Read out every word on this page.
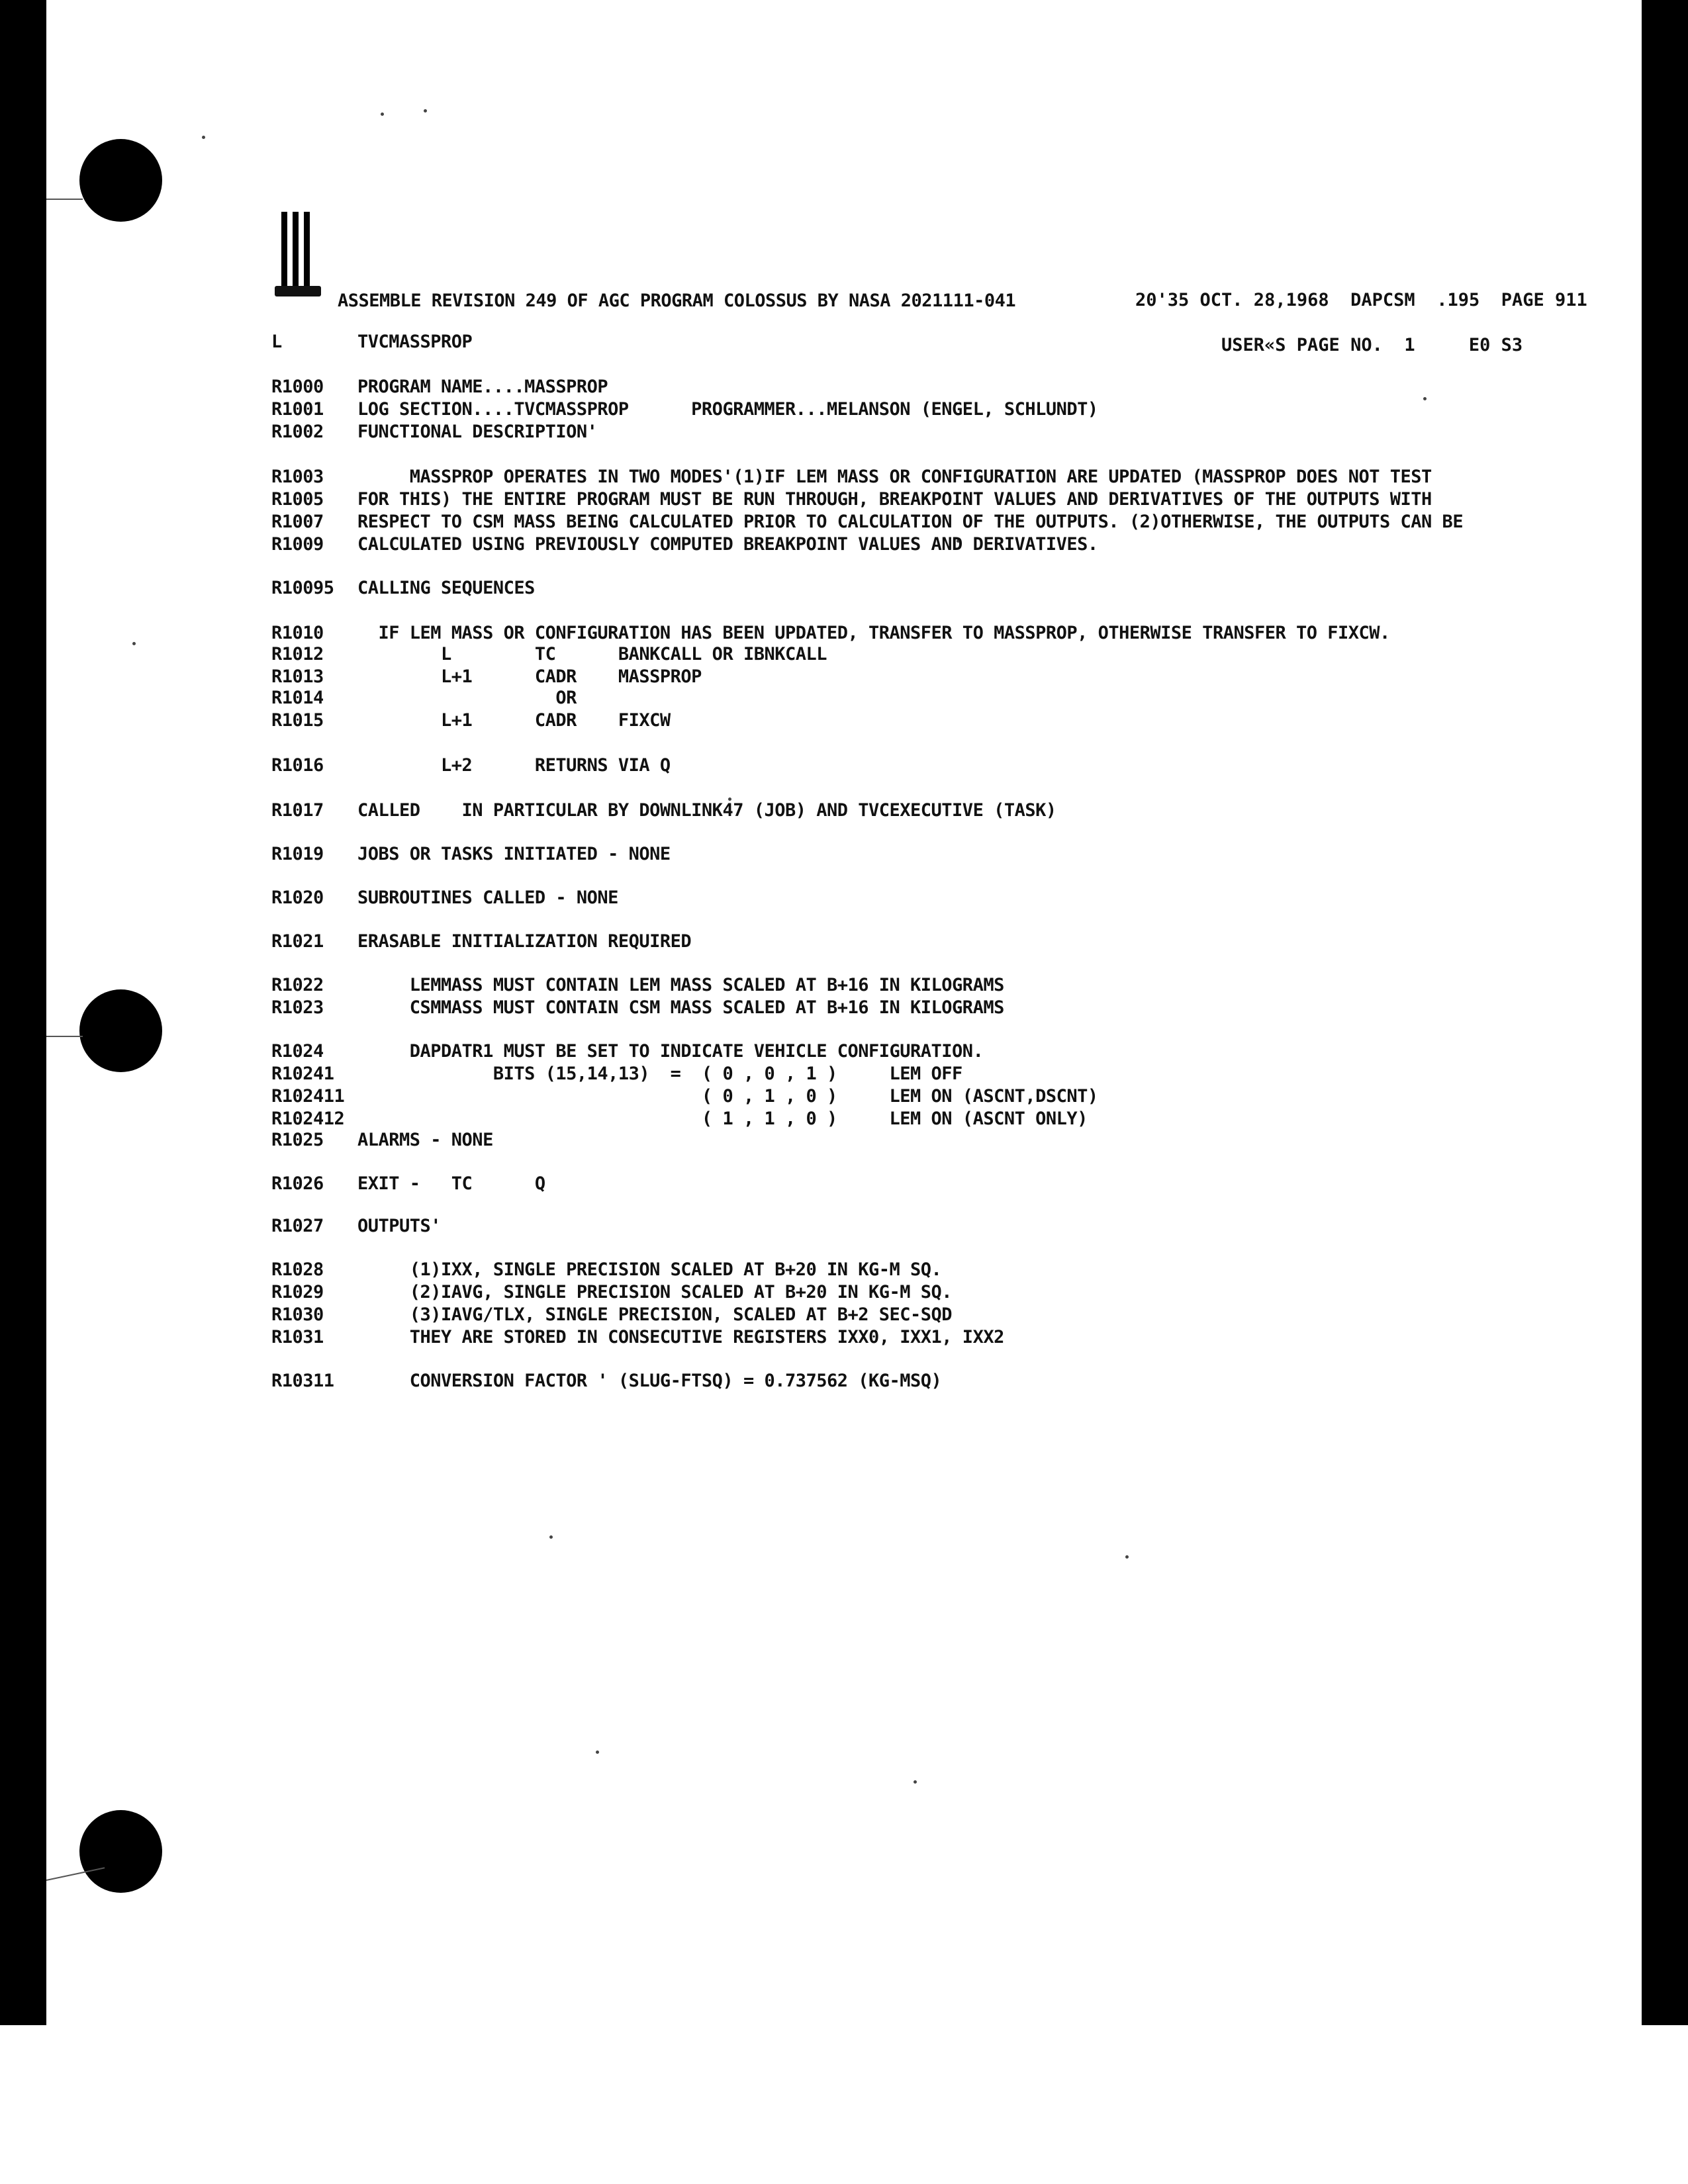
ASSEMBLE REVISION 249 OF AGC PROGRAM COLOSSUS BY NASA 2021111-041	20'35 OCT. 28,1968 DAPCSM .195 PAGE 911
L	TVCMASSPROP	USER«S PAGE NO. 1	E0 S3
R1000 PROGRAM NAME....MASSPROP
R1001 LOG SECTION....TVCMASSPROP      PROGRAMMER...MELANSON (ENGEL, SCHLUNDT)
R1002 FUNCTIONAL DESCRIPTION'
R1003     MASSPROP OPERATES IN TWO MODES'(1)IF LEM MASS OR CONFIGURATION ARE UPDATED (MASSPROP DOES NOT TEST
R1005 FOR THIS) THE ENTIRE PROGRAM MUST BE RUN THROUGH, BREAKPOINT VALUES AND DERIVATIVES OF THE OUTPUTS WITH
R1007 RESPECT TO CSM MASS BEING CALCULATED PRIOR TO CALCULATION OF THE OUTPUTS. (2)OTHERWISE, THE OUTPUTS CAN BE
R1009 CALCULATED USING PREVIOUSLY COMPUTED BREAKPOINT VALUES AND DERIVATIVES.
R10095 CALLING SEQUENCES
R1010  IF LEM MASS OR CONFIGURATION HAS BEEN UPDATED, TRANSFER TO MASSPROP, OTHERWISE TRANSFER TO FIXCW.
R1012        L        TC      BANKCALL OR IBNKCALL
R1013        L+1      CADR    MASSPROP
R1014                   OR
R1015        L+1      CADR    FIXCW
R1016        L+2      RETURNS VIA Q
R1017 CALLED    IN PARTICULAR BY DOWNLINK47 (JOB) AND TVCEXECUTIVE (TASK)
R1019 JOBS OR TASKS INITIATED - NONE
R1020 SUBROUTINES CALLED - NONE
R1021 ERASABLE INITIALIZATION REQUIRED
R1022     LEMMASS MUST CONTAIN LEM MASS SCALED AT B+16 IN KILOGRAMS
R1023     CSMMASS MUST CONTAIN CSM MASS SCALED AT B+16 IN KILOGRAMS
R1024     DAPDATR1 MUST BE SET TO INDICATE VEHICLE CONFIGURATION.
R10241             BITS (15,14,13)  =  ( 0 , 0 , 1 )     LEM OFF
R102411                                 ( 0 , 1 , 0 )     LEM ON (ASCNT,DSCNT)
R102412                                 ( 1 , 1 , 0 )     LEM ON (ASCNT ONLY)
R1025 ALARMS - NONE
R1026 EXIT -   TC      Q
R1027 OUTPUTS'
R1028     (1)IXX, SINGLE PRECISION SCALED AT B+20 IN KG-M SQ.
R1029     (2)IAVG, SINGLE PRECISION SCALED AT B+20 IN KG-M SQ.
R1030     (3)IAVG/TLX, SINGLE PRECISION, SCALED AT B+2 SEC-SQD
R1031     THEY ARE STORED IN CONSECUTIVE REGISTERS IXX0, IXX1, IXX2
R10311     CONVERSION FACTOR ' (SLUG-FTSQ) = 0.737562 (KG-MSQ)
